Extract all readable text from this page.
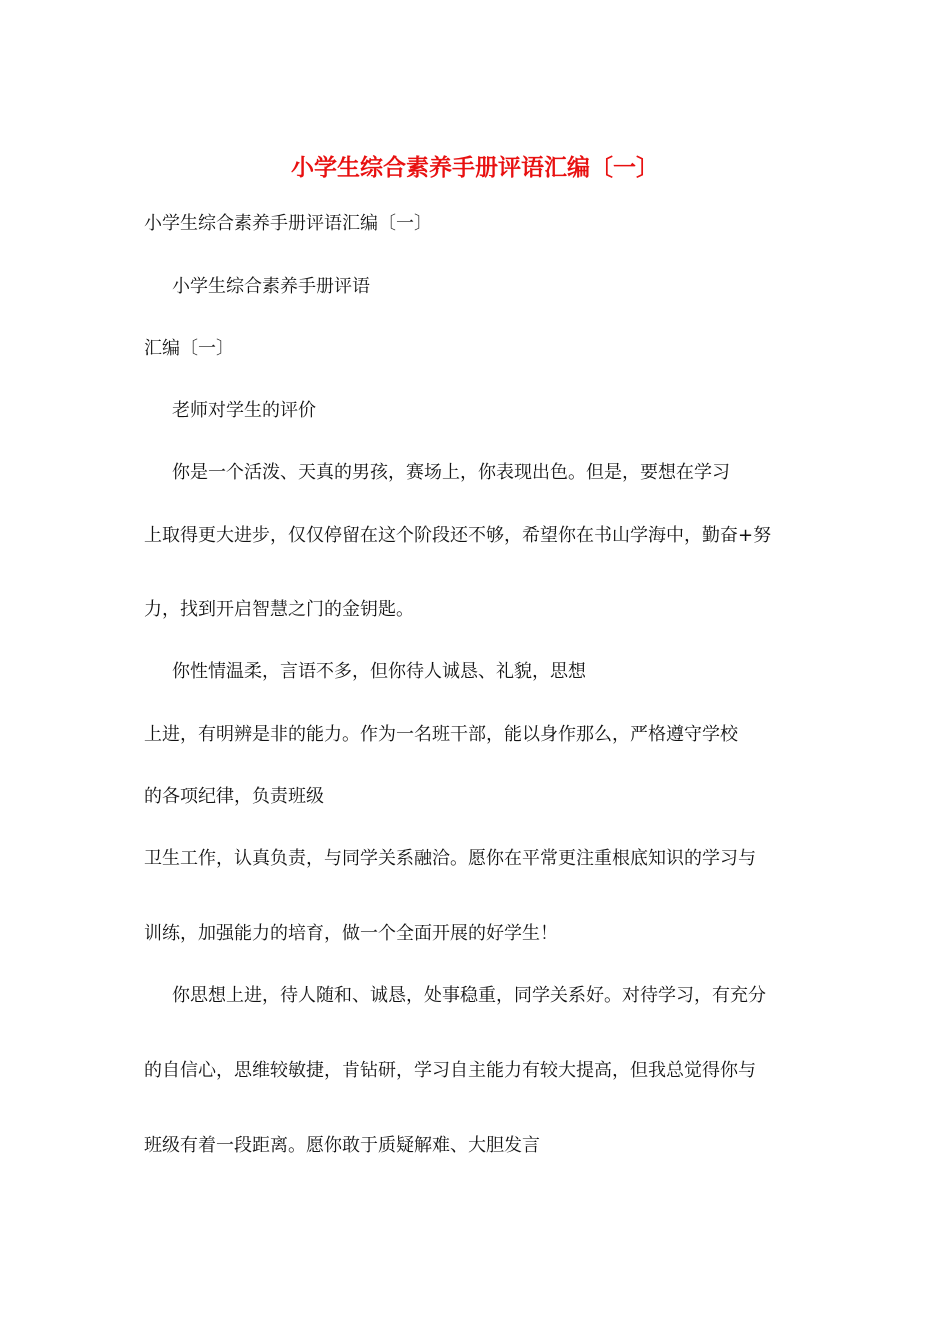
小学生综合素养手册评语汇编〔一〕
小学生综合素养手册评语汇编〔一〕
小学生综合素养手册评语
汇编〔一〕
老师对学生的评价
你是一个活泼、天真的男孩，赛场上，你表现出色。但是，要想在学习
上取得更大进步，仅仅停留在这个阶段还不够，希望你在书山学海中，勤奋+努
力，找到开启智慧之门的金钥匙。
你性情温柔，言语不多，但你待人诚恳、礼貌，思想
上进，有明辨是非的能力。作为一名班干部，能以身作那么，严格遵守学校
的各项纪律，负责班级
卫生工作，认真负责，与同学关系融洽。愿你在平常更注重根底知识的学习与
训练，加强能力的培育，做一个全面开展的好学生！
你思想上进，待人随和、诚恳，处事稳重，同学关系好。对待学习，有充分
的自信心，思维较敏捷，肯钻研，学习自主能力有较大提高，但我总觉得你与
班级有着一段距离。愿你敢于质疑解难、大胆发言
